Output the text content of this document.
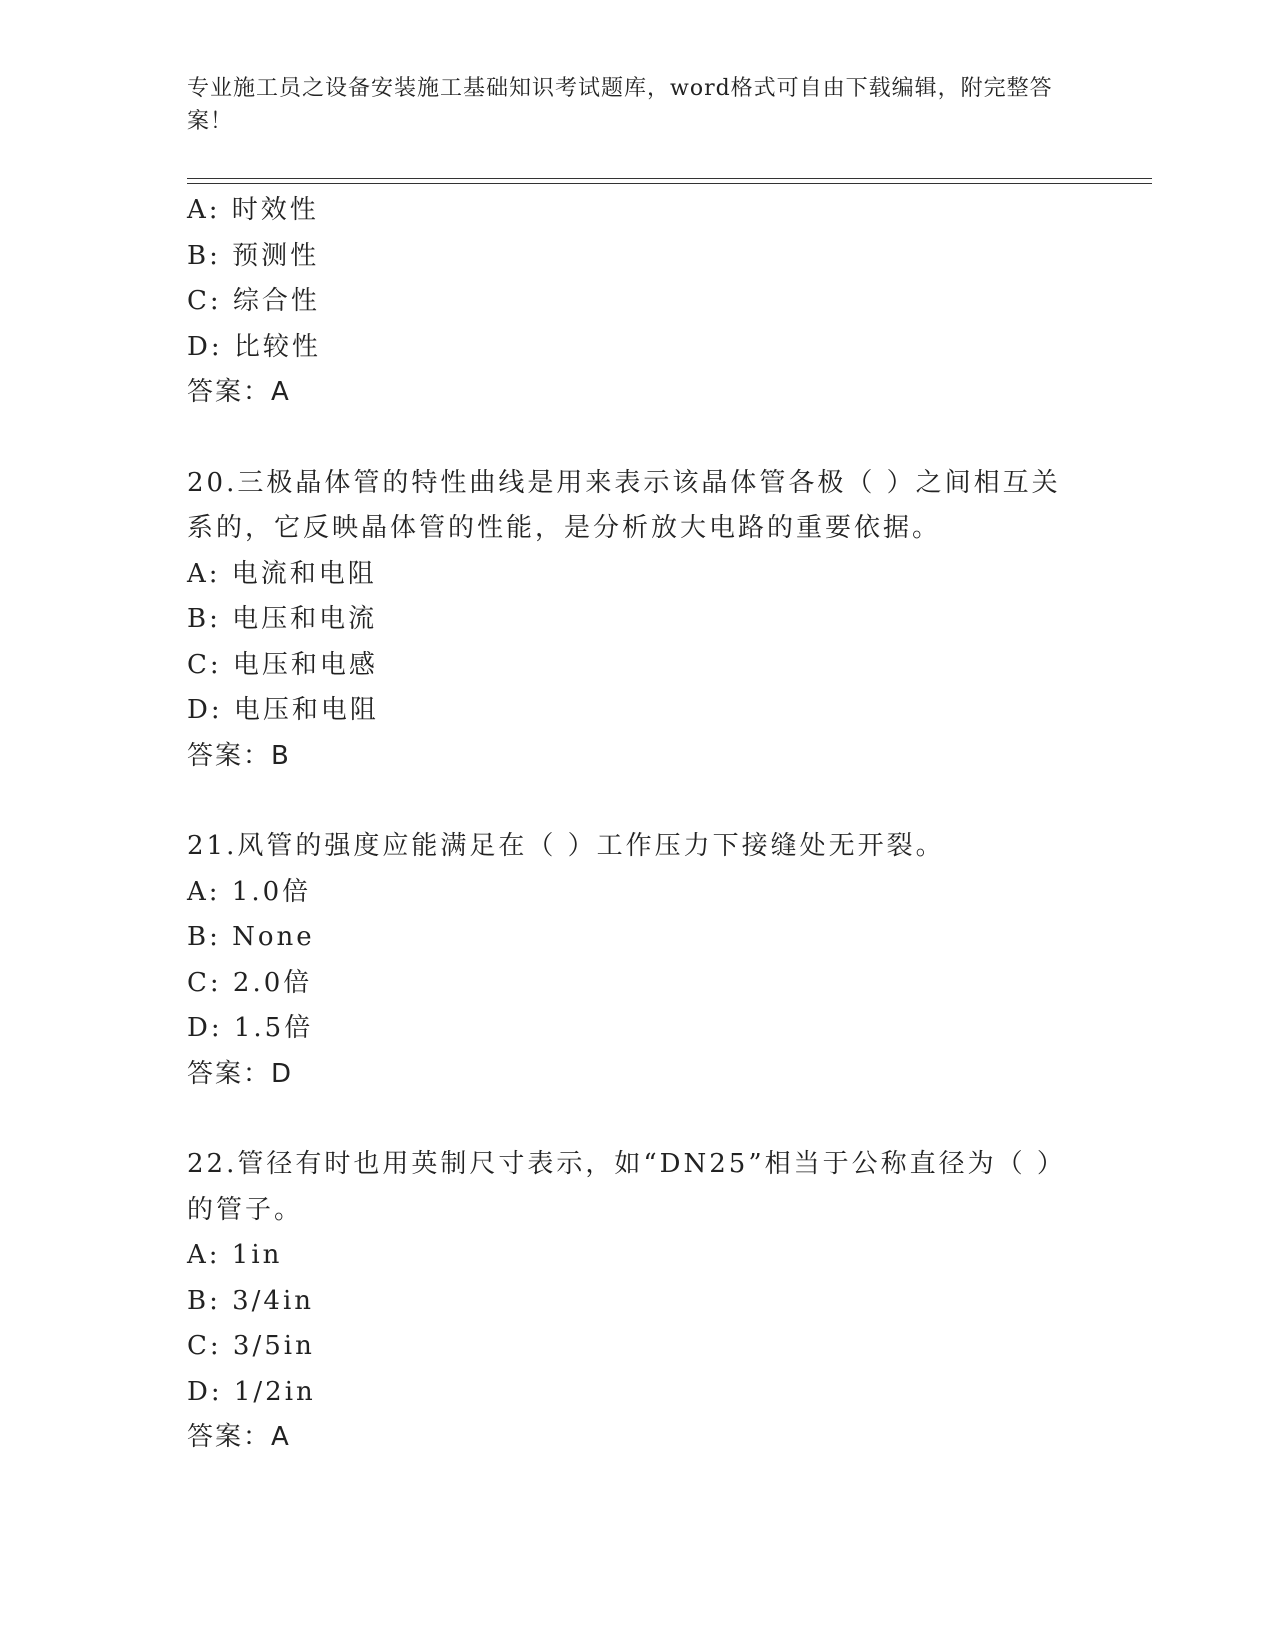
专业施工员之设备安装施工基础知识考试题库，word格式可自由下载编辑，附完整答案！
A: 时效性
B: 预测性
C: 综合性
D: 比较性
答案：A
20.三极晶体管的特性曲线是用来表示该晶体管各极（ ）之间相互关
系的，它反映晶体管的性能，是分析放大电路的重要依据。
A: 电流和电阻
B: 电压和电流
C: 电压和电感
D: 电压和电阻
答案：B
21.风管的强度应能满足在（ ）工作压力下接缝处无开裂。
A: 1.0倍
B: None
C: 2.0倍
D: 1.5倍
答案：D
22.管径有时也用英制尺寸表示，如“DN25”相当于公称直径为（ ）
的管子。
A: 1in
B: 3/4in
C: 3/5in
D: 1/2in
答案：A
